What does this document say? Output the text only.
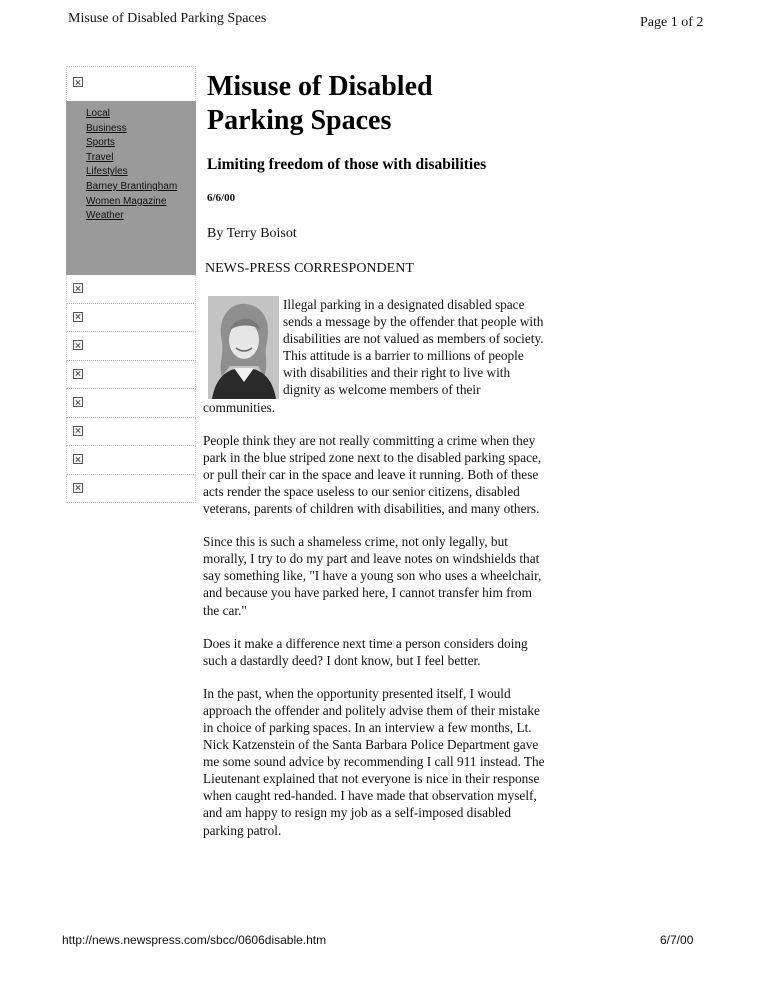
Misuse of Disabled Parking Spaces	Page 1 of 2
Local
Business
Sports
Travel
Lifestyles
Barney Brantingham
Women Magazine
Weather
Misuse of Disabled Parking Spaces
Limiting freedom of those with disabilities
6/6/00
By Terry Boisot
NEWS-PRESS CORRESPONDENT

Illegal parking in a designated disabled space sends a message by the offender that people with disabilities are not valued as members of society. This attitude is a barrier to millions of people with disabilities and their right to live with dignity as welcome members of their communities.

People think they are not really committing a crime when they park in the blue striped zone next to the disabled parking space, or pull their car in the space and leave it running. Both of these acts render the space useless to our senior citizens, disabled veterans, parents of children with disabilities, and many others.

Since this is such a shameless crime, not only legally, but morally, I try to do my part and leave notes on windshields that say something like, "I have a young son who uses a wheelchair, and because you have parked here, I cannot transfer him from the car."

Does it make a difference next time a person considers doing such a dastardly deed? I dont know, but I feel better.

In the past, when the opportunity presented itself, I would approach the offender and politely advise them of their mistake in choice of parking spaces. In an interview a few months, Lt. Nick Katzenstein of the Santa Barbara Police Department gave me some sound advice by recommending I call 911 instead. The Lieutenant explained that not everyone is nice in their response when caught red-handed. I have made that observation myself, and am happy to resign my job as a self-imposed disabled parking patrol.

http://news.newspress.com/sbcc/0606disable.htm	6/7/00
